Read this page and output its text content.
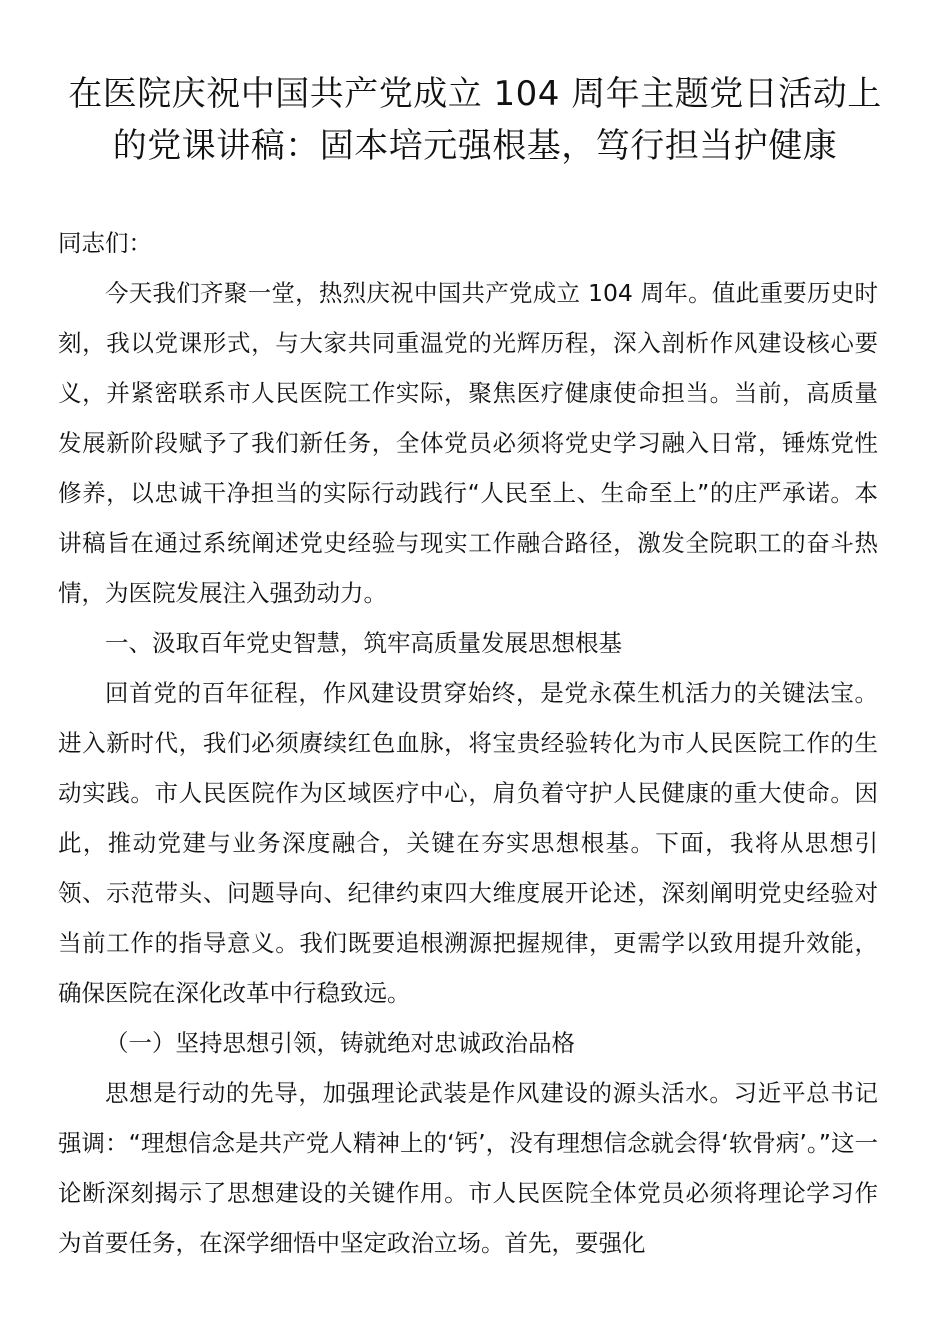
在医院庆祝中国共产党成立 104 周年主题党日活动上
的党课讲稿：固本培元强根基，笃行担当护健康

同志们：

今天我们齐聚一堂，热烈庆祝中国共产党成立 104 周年。值此重要历史时刻，我以党课形式，与大家共同重温党的光辉历程，深入剖析作风建设核心要义，并紧密联系市人民医院工作实际，聚焦医疗健康使命担当。当前，高质量发展新阶段赋予了我们新任务，全体党员必须将党史学习融入日常，锤炼党性修养，以忠诚干净担当的实际行动践行“人民至上、生命至上”的庄严承诺。本讲稿旨在通过系统阐述党史经验与现实工作融合路径，激发全院职工的奋斗热情，为医院发展注入强劲动力。

一、汲取百年党史智慧，筑牢高质量发展思想根基

回首党的百年征程，作风建设贯穿始终，是党永葆生机活力的关键法宝。进入新时代，我们必须赓续红色血脉，将宝贵经验转化为市人民医院工作的生动实践。市人民医院作为区域医疗中心，肩负着守护人民健康的重大使命。因此，推动党建与业务深度融合，关键在夯实思想根基。下面，我将从思想引领、示范带头、问题导向、纪律约束四大维度展开论述，深刻阐明党史经验对当前工作的指导意义。我们既要追根溯源把握规律，更需学以致用提升效能，确保医院在深化改革中行稳致远。

（一）坚持思想引领，铸就绝对忠诚政治品格

思想是行动的先导，加强理论武装是作风建设的源头活水。习近平总书记强调：“理想信念是共产党人精神上的‘钙’，没有理想信念就会得‘软骨病’。”这一论断深刻揭示了思想建设的关键作用。市人民医院全体党员必须将理论学习作为首要任务，在深学细悟中坚定政治立场。首先，要强化
